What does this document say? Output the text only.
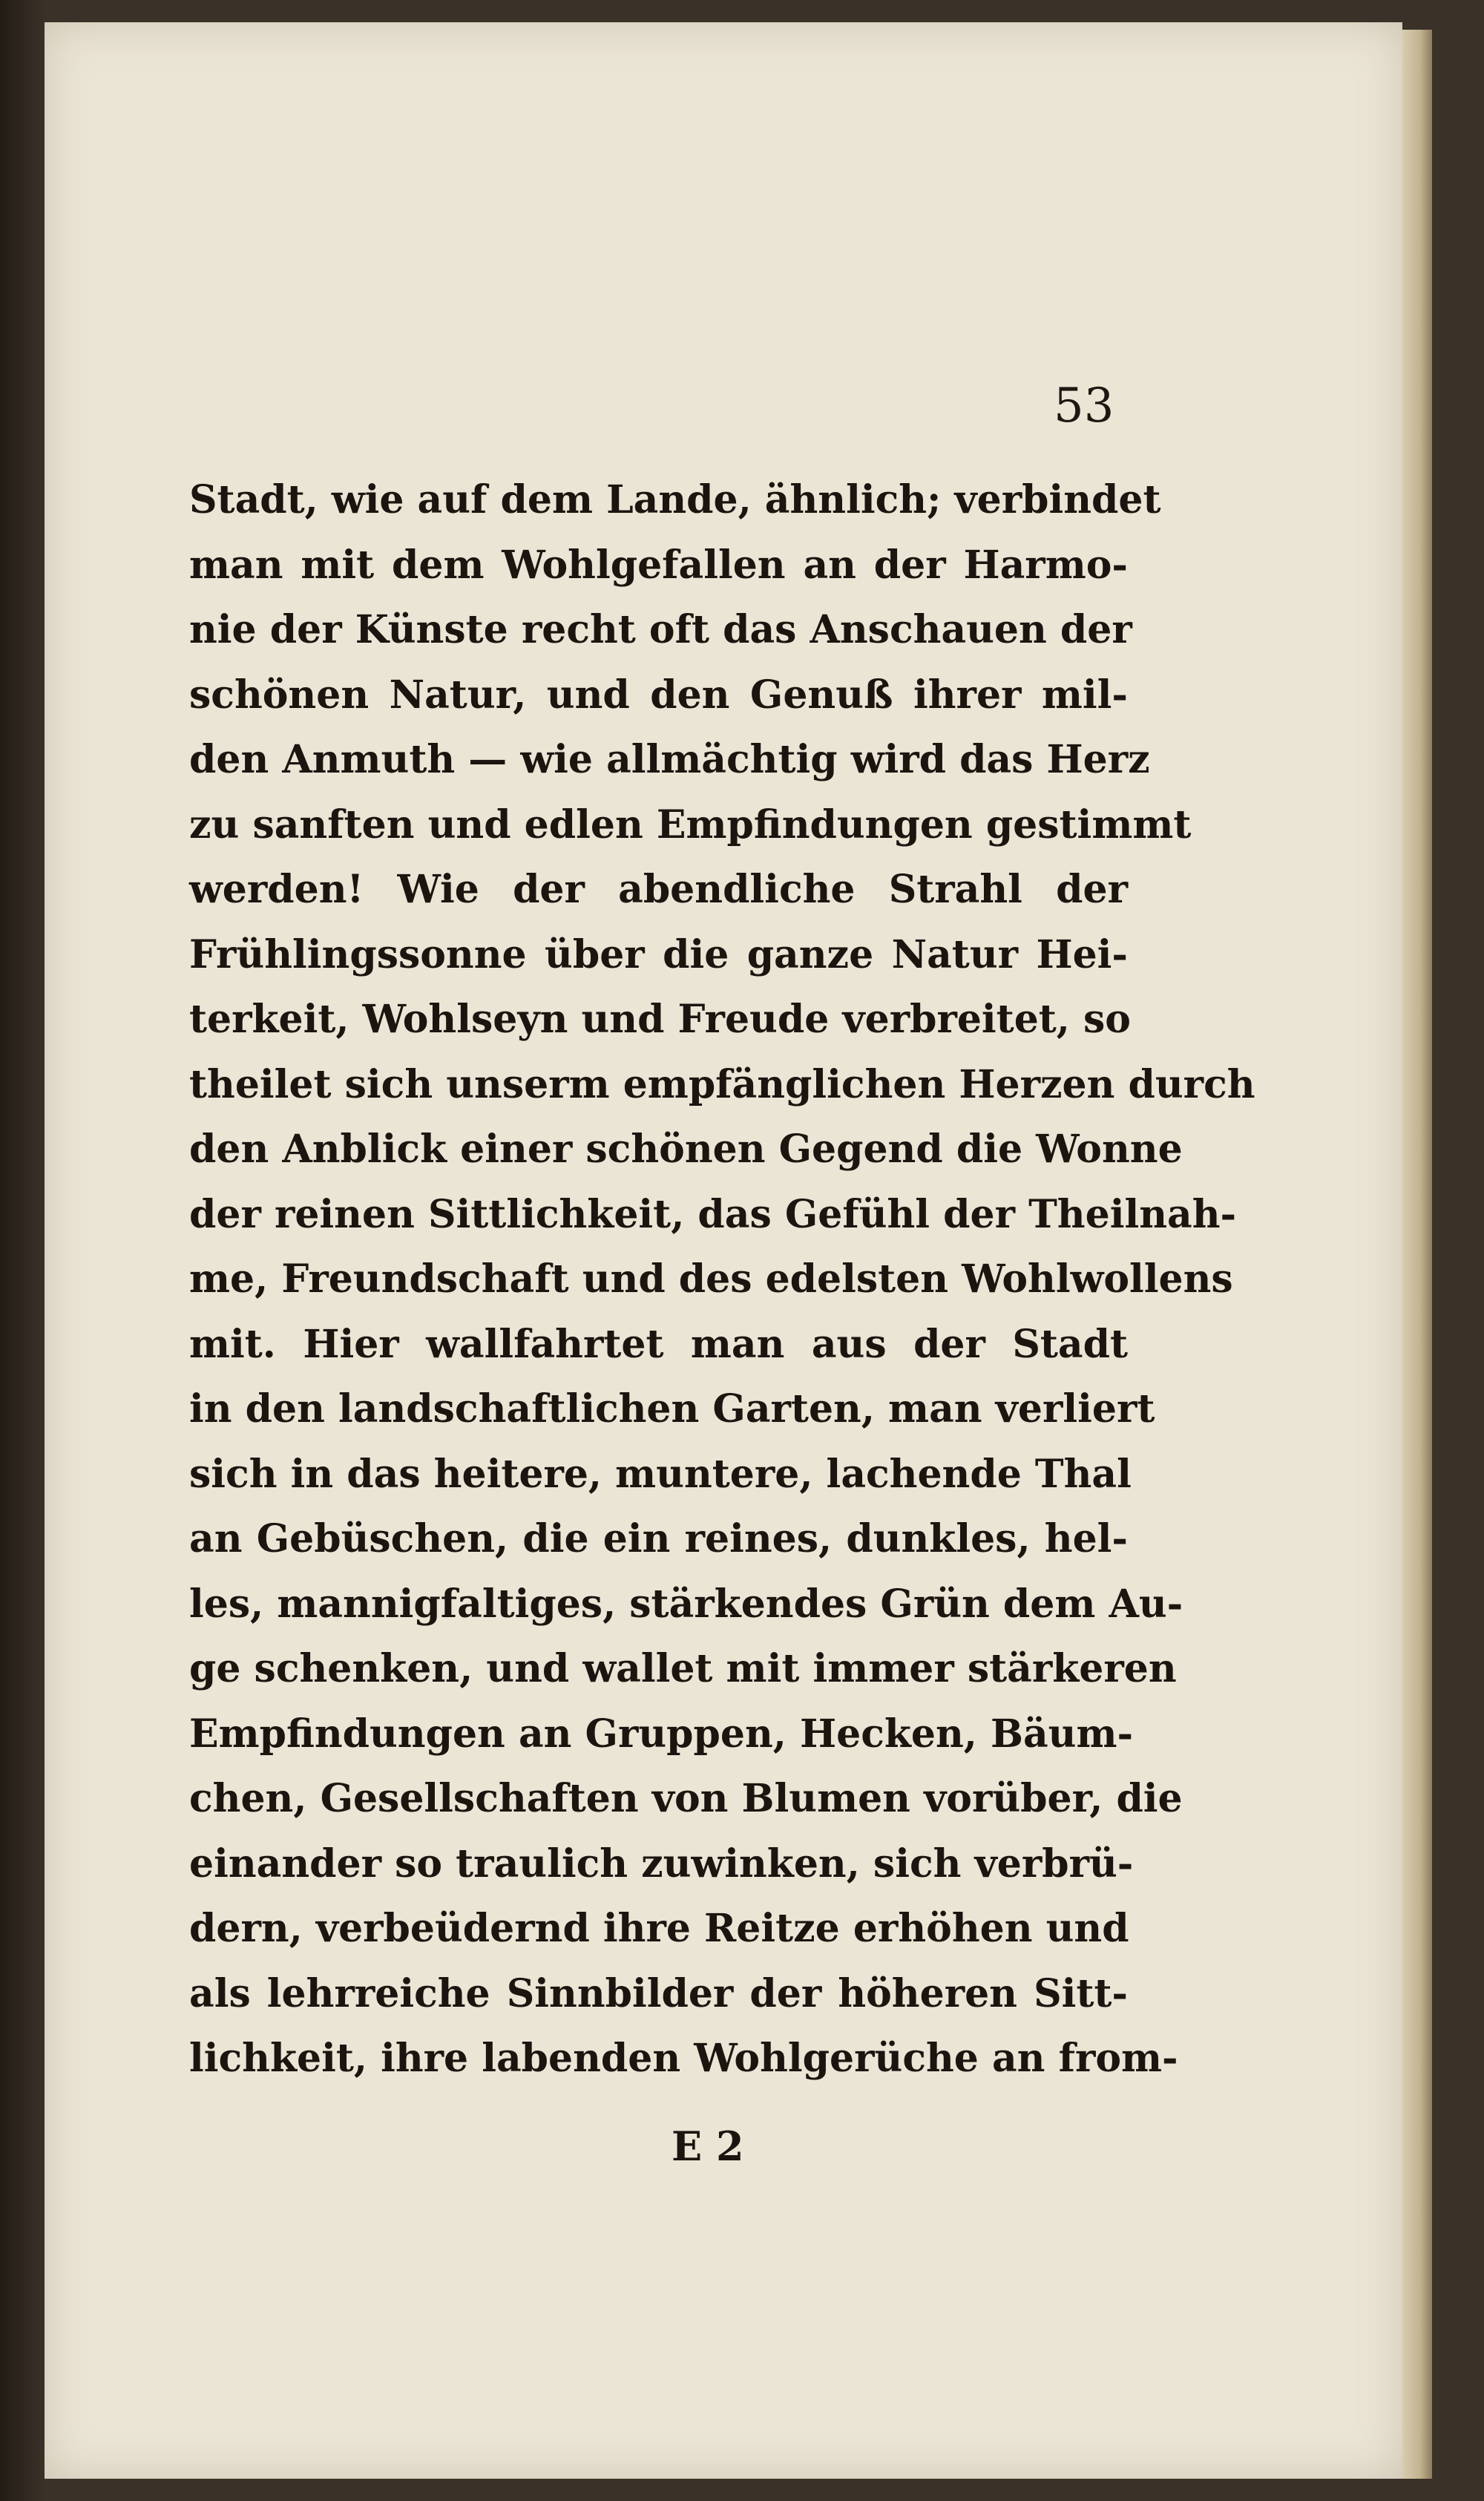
53
Stadt, wie auf dem Lande, ähnlich; verbindet
man mit dem Wohlgefallen an der Harmo-
nie der Künste recht oft das Anschauen der
schönen Natur, und den Genuß ihrer mil-
den Anmuth — wie allmächtig wird das Herz
zu sanften und edlen Empfindungen gestimmt
werden! Wie der abendliche Strahl der
Frühlingssonne über die ganze Natur Hei-
terkeit, Wohlseyn und Freude verbreitet, so
theilet sich unserm empfänglichen Herzen durch
den Anblick einer schönen Gegend die Wonne
der reinen Sittlichkeit, das Gefühl der Theilnah-
me, Freundschaft und des edelsten Wohlwollens
mit. Hier wallfahrtet man aus der Stadt
in den landschaftlichen Garten, man verliert
sich in das heitere, muntere, lachende Thal
an Gebüschen, die ein reines, dunkles, hel-
les, mannigfaltiges, stärkendes Grün dem Au-
ge schenken, und wallet mit immer stärkeren
Empfindungen an Gruppen, Hecken, Bäum-
chen, Gesellschaften von Blumen vorüber, die
einander so traulich zuwinken, sich verbrü-
dern, verbeüdernd ihre Reitze erhöhen und
als lehrreiche Sinnbilder der höheren Sitt-
lichkeit, ihre labenden Wohlgerüche an from-
E 2
